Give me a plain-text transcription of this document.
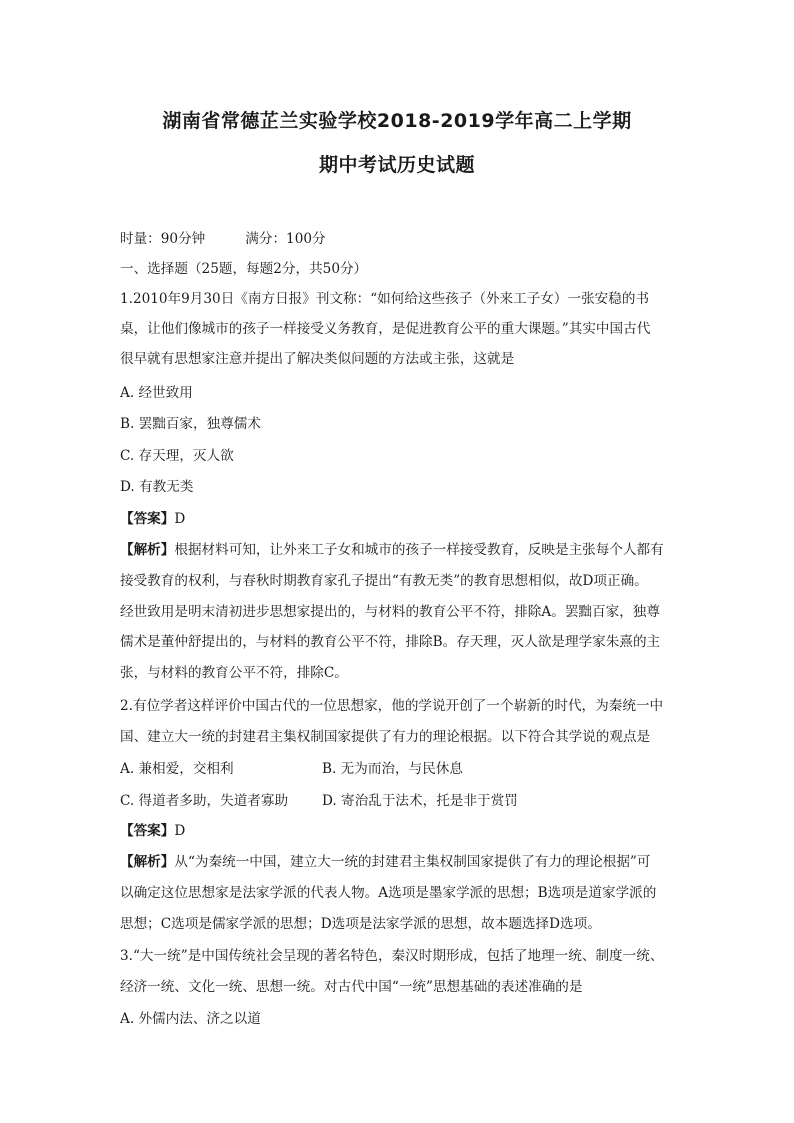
湖南省常德芷兰实验学校2018-2019学年高二上学期
期中考试历史试题
时量：90分钟	满分：100分
一、选择题（25题，每题2分，共50分）
1.2010年9月30日《南方日报》刊文称：“如何给这些孩子（外来工子女）一张安稳的书
桌，让他们像城市的孩子一样接受义务教育，是促进教育公平的重大课题。”其实中国古代
很早就有思想家注意并提出了解决类似问题的方法或主张，这就是
A. 经世致用
B. 罢黜百家，独尊儒术
C. 存天理，灭人欲
D. 有教无类
【答案】D
【解析】根据材料可知，让外来工子女和城市的孩子一样接受教育，反映是主张每个人都有
接受教育的权利，与春秋时期教育家孔子提出“有教无类”的教育思想相似，故D项正确。
经世致用是明末清初进步思想家提出的，与材料的教育公平不符，排除A。罢黜百家，独尊
儒术是董仲舒提出的，与材料的教育公平不符，排除B。存天理，灭人欲是理学家朱熹的主
张，与材料的教育公平不符，排除C。
2.有位学者这样评价中国古代的一位思想家，他的学说开创了一个崭新的时代，为秦统一中
国、建立大一统的封建君主集权制国家提供了有力的理论根据。以下符合其学说的观点是
A. 兼相爱，交相利	B. 无为而治，与民休息
C. 得道者多助，失道者寡助 D. 寄治乱于法术，托是非于赏罚
【答案】D
【解析】从“为秦统一中国，建立大一统的封建君主集权制国家提供了有力的理论根据”可
以确定这位思想家是法家学派的代表人物。A选项是墨家学派的思想；B选项是道家学派的
思想；C选项是儒家学派的思想；D选项是法家学派的思想，故本题选择D选项。
3.“大一统”是中国传统社会呈现的著名特色，秦汉时期形成，包括了地理一统、制度一统、
经济一统、文化一统、思想一统。对古代中国“一统”思想基础的表述准确的是
A. 外儒内法、济之以道
